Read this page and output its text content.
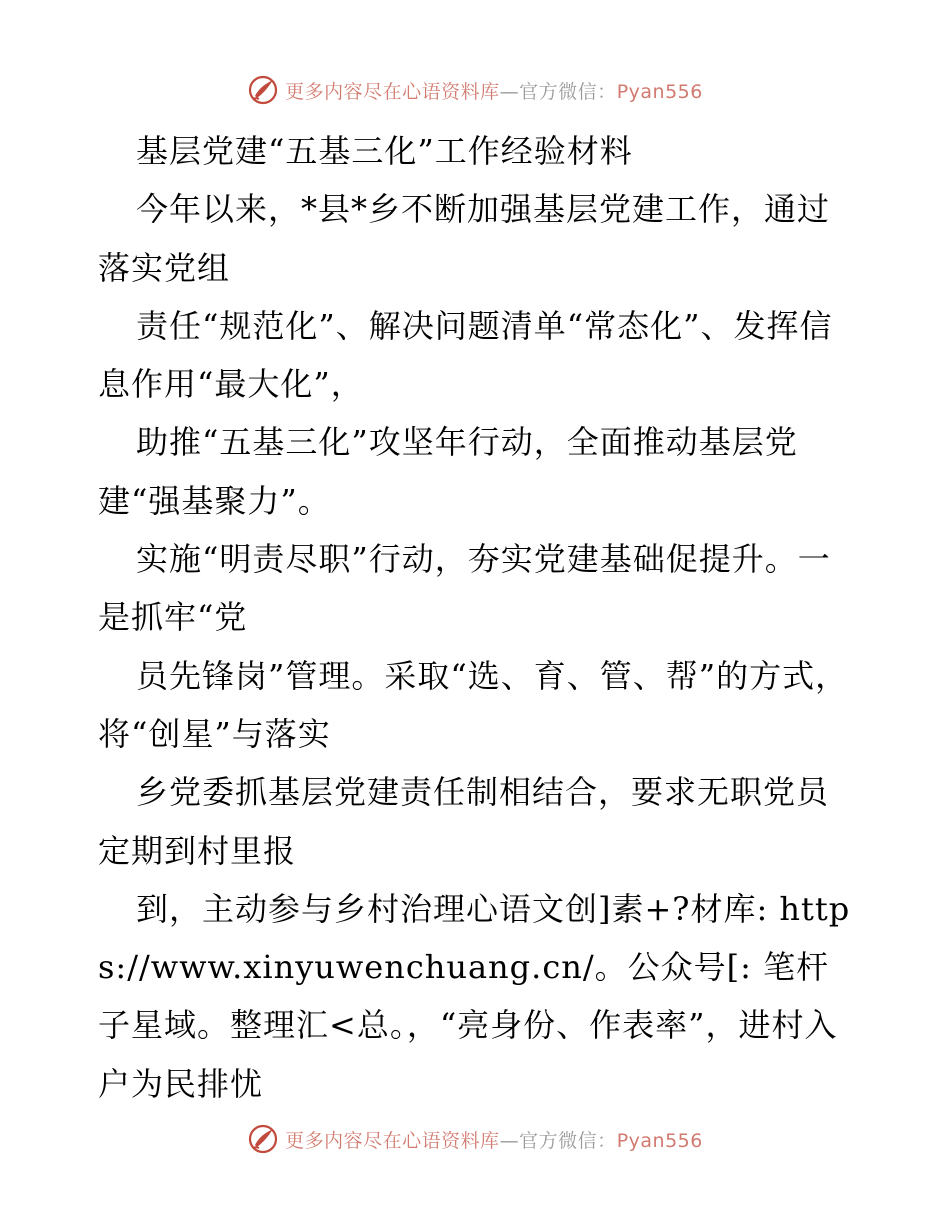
更多内容尽在心语资料库—官方微信：Pyan556

基层党建“五基三化”工作经验材料

今年以来，*县*乡不断加强基层党建工作，通过落实党组

责任“规范化”、解决问题清单“常态化”、发挥信息作用“最大化”，

助推“五基三化”攻坚年行动，全面推动基层党建“强基聚力”。

实施“明责尽职”行动，夯实党建基础促提升。一是抓牢“党

员先锋岗”管理。采取“选、育、管、帮”的方式，将“创星”与落实

乡党委抓基层党建责任制相结合，要求无职党员定期到村里报

到，主动参与乡村治理心语文创]素+?材库: https://www.xinyuwenchuang.cn/。公众号[: 笔杆子星域。整理汇<总。，“亮身份、作表率”，进村入户为民排忧

更多内容尽在心语资料库—官方微信：Pyan556
